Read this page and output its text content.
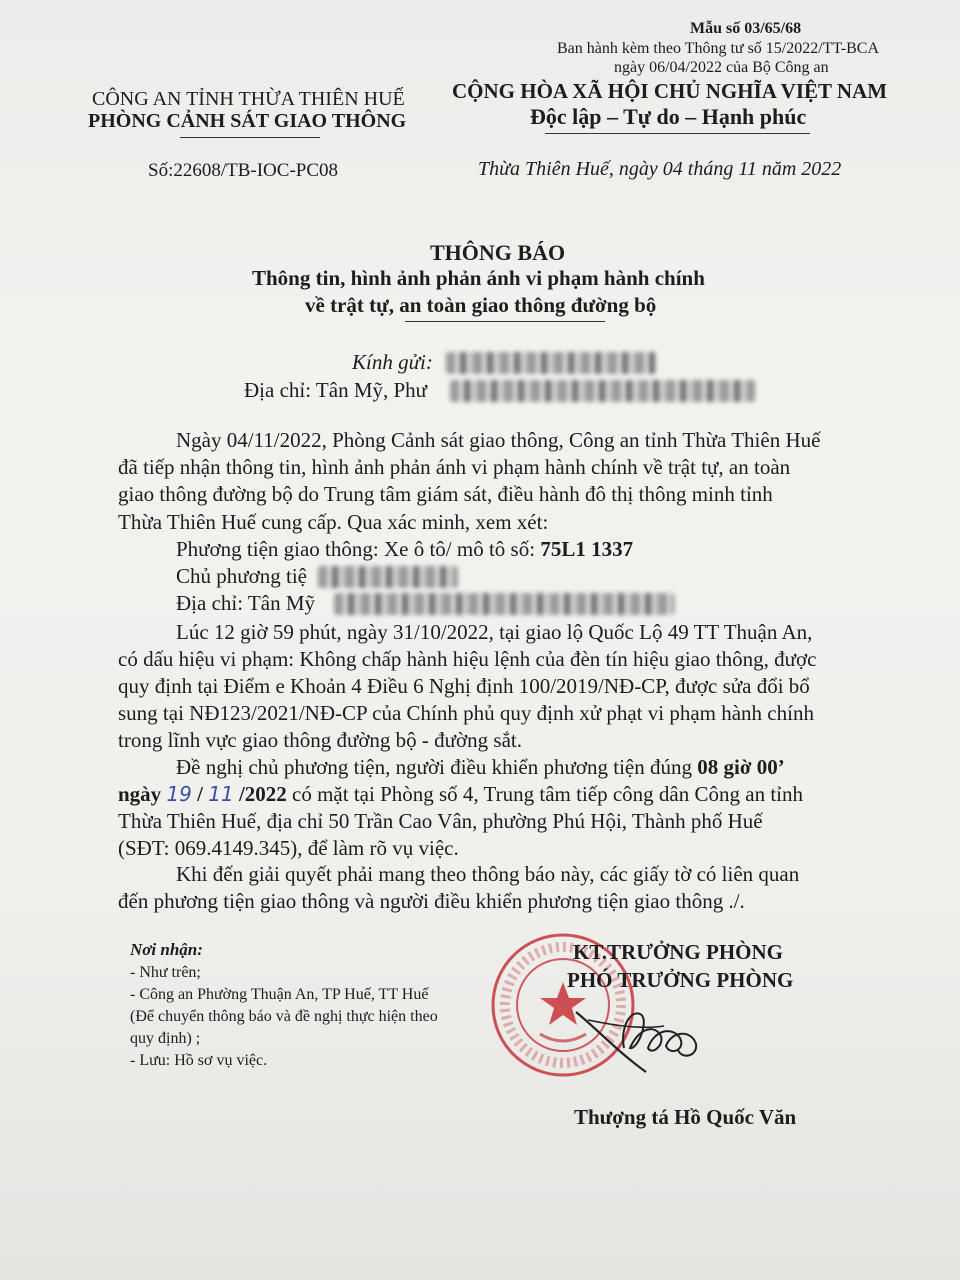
Mẫu số 03/65/68
Ban hành kèm theo Thông tư số 15/2022/TT-BCA
ngày 06/04/2022 của Bộ Công an
CÔNG AN TỈNH THỪA THIÊN HUẾ
PHÒNG CẢNH SÁT GIAO THÔNG
Số:22608/TB-IOC-PC08
CỘNG HÒA XÃ HỘI CHỦ NGHĨA VIỆT NAM
Độc lập – Tự do – Hạnh phúc
Thừa Thiên Huế, ngày 04 tháng 11 năm 2022
THÔNG BÁO
Thông tin, hình ảnh phản ánh vi phạm hành chính
về trật tự, an toàn giao thông đường bộ
Kính gửi:
Địa chỉ: Tân Mỹ, Phư
Ngày 04/11/2022, Phòng Cảnh sát giao thông, Công an tỉnh Thừa Thiên Huế
đã tiếp nhận thông tin, hình ảnh phản ánh vi phạm hành chính về trật tự, an toàn
giao thông đường bộ do Trung tâm giám sát, điều hành đô thị thông minh tỉnh
Thừa Thiên Huế cung cấp. Qua xác minh, xem xét:
Phương tiện giao thông: Xe ô tô/ mô tô số: 75L1 1337
Chủ phương tiệ
Địa chỉ: Tân Mỹ
Lúc 12 giờ 59 phút, ngày 31/10/2022, tại giao lộ Quốc Lộ 49 TT Thuận An,
có dấu hiệu vi phạm: Không chấp hành hiệu lệnh của đèn tín hiệu giao thông, được
quy định tại Điểm e Khoản 4 Điều 6 Nghị định 100/2019/NĐ-CP, được sửa đổi bổ
sung tại NĐ123/2021/NĐ-CP của Chính phủ quy định xử phạt vi phạm hành chính
trong lĩnh vực giao thông đường bộ - đường sắt.
Đề nghị chủ phương tiện, người điều khiển phương tiện đúng 08 giờ 00’
ngày 19 / 11 /2022 có mặt tại Phòng số 4, Trung tâm tiếp công dân Công an tỉnh
Thừa Thiên Huế, địa chỉ 50 Trần Cao Vân, phường Phú Hội, Thành phố Huế
(SĐT: 069.4149.345), để làm rõ vụ việc.
Khi đến giải quyết phải mang theo thông báo này, các giấy tờ có liên quan
đến phương tiện giao thông và người điều khiển phương tiện giao thông ./.
Nơi nhận:
- Như trên;
- Công an Phường Thuận An, TP Huế, TT Huế
(Để chuyển thông báo và đề nghị thực hiện theo
quy định) ;
- Lưu: Hồ sơ vụ việc.
KT.TRƯỞNG PHÒNG
PHÓ TRƯỞNG PHÒNG
Thượng tá Hồ Quốc Văn
